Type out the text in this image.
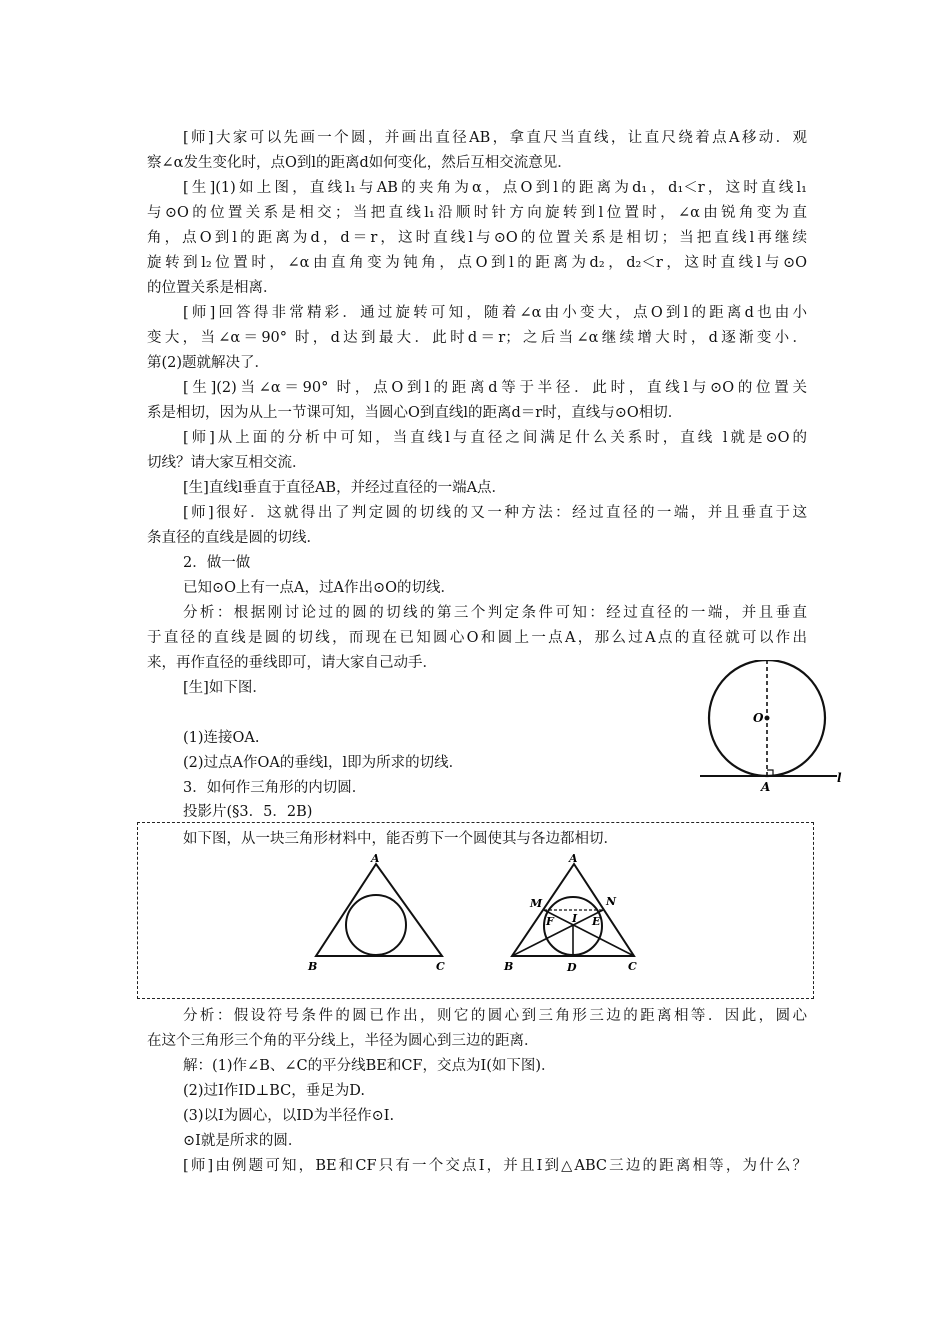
[师]大家可以先画一个圆，并画出直径AB，拿直尺当直线，让直尺绕着点A移动．观
察∠α发生变化时，点O到l的距离d如何变化，然后互相交流意见．
[生](1)如上图，直线l₁与AB的夹角为α，点O到l的距离为d₁，d₁＜r，这时直线l₁
与⊙O的位置关系是相交；当把直线l₁沿顺时针方向旋转到l位置时，∠α由锐角变为直
角，点O到l的距离为d，d＝r，这时直线l与⊙O的位置关系是相切；当把直线l再继续
旋转到l₂位置时，∠α由直角变为钝角，点O到l的距离为d₂，d₂＜r，这时直线l与⊙O
的位置关系是相离．
[师]回答得非常精彩．通过旋转可知，随着∠α由小变大，点O到l的距离d也由小
变大，当∠α＝90° 时，d达到最大．此时d＝r；之后当∠α继续增大时，d逐渐变小．
第(2)题就解决了．
[生](2)当∠α＝90° 时，点O到l的距离d等于半径．此时，直线l与⊙O的位置关
系是相切，因为从上一节课可知，当圆心O到直线l的距离d＝r时，直线与⊙O相切．
[师]从上面的分析中可知，当直线l与直径之间满足什么关系时，直线 l就是⊙O的
切线？请大家互相交流．
[生]直线l垂直于直径AB，并经过直径的一端A点．
[师]很好．这就得出了判定圆的切线的又一种方法：经过直径的一端，并且垂直于这
条直径的直线是圆的切线．
2．做一做
已知⊙O上有一点A，过A作出⊙O的切线．
分析：根据刚讨论过的圆的切线的第三个判定条件可知：经过直径的一端，并且垂直
于直径的直线是圆的切线，而现在已知圆心O和圆上一点A，那么过A点的直径就可以作出
来，再作直径的垂线即可，请大家自己动手．
[生]如下图．
(1)连接OA.
(2)过点A作OA的垂线l，l即为所求的切线．
3．如何作三角形的内切圆．
投影片(§3．5．2B)
O
A
l
如下图，从一块三角形材料中，能否剪下一个圆使其与各边都相切．
A
B	C
A
B	C
D
E
F I
M	N
分析：假设符号条件的圆已作出，则它的圆心到三角形三边的距离相等．因此，圆心
在这个三角形三个角的平分线上，半径为圆心到三边的距离．
解：(1)作∠B、∠C的平分线BE和CF，交点为I(如下图)．
(2)过I作ID⊥BC，垂足为D.
(3)以I为圆心，以ID为半径作⊙I.
⊙I就是所求的圆．
[师]由例题可知，BE和CF只有一个交点I，并且I到△ABC三边的距离相等，为什么？
